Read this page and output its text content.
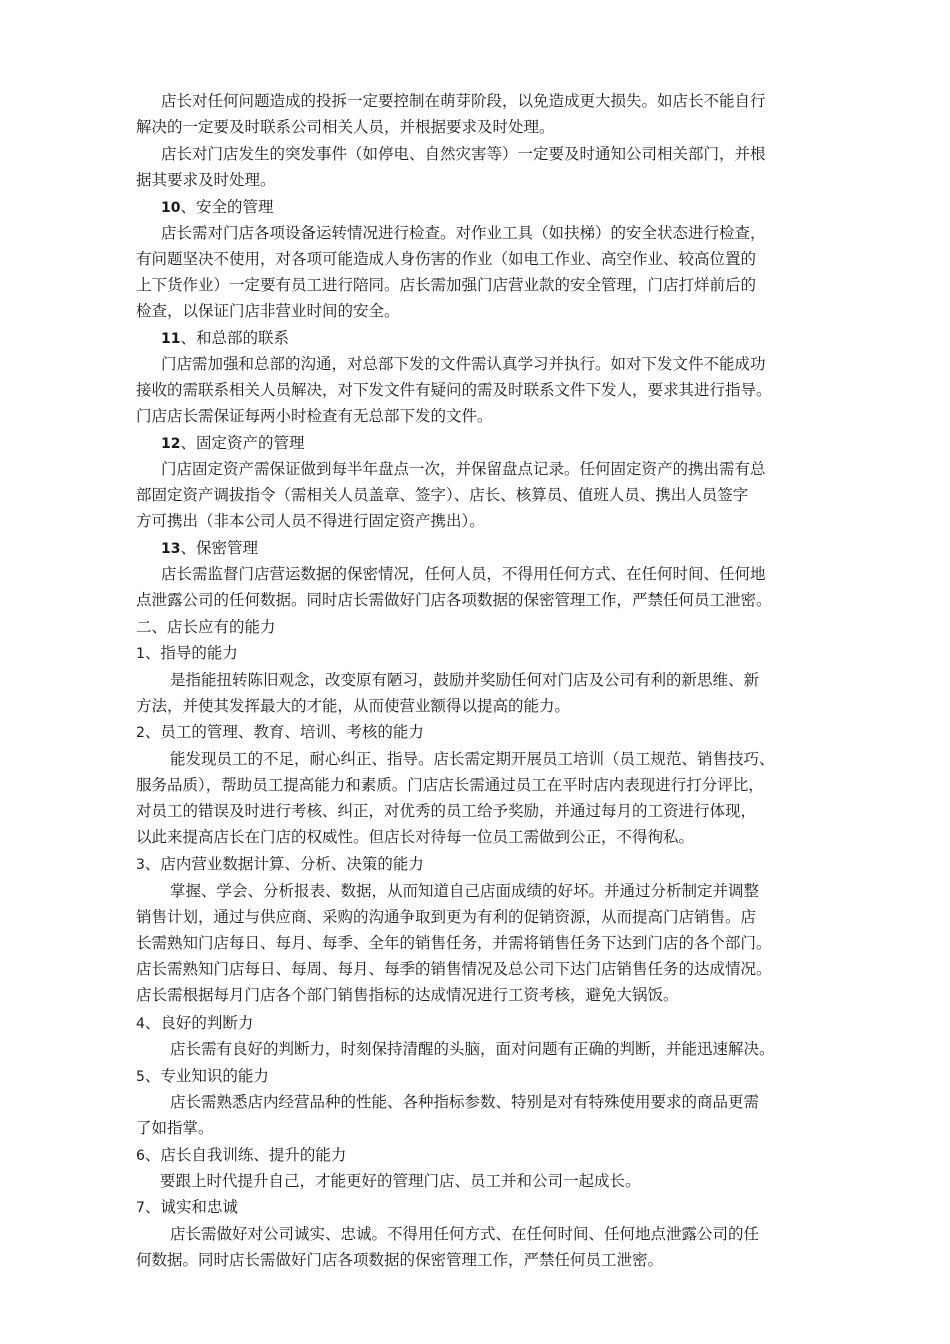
店长对任何问题造成的投拆一定要控制在萌芽阶段，以免造成更大损失。如店长不能自行
解决的一定要及时联系公司相关人员，并根据要求及时处理。
店长对门店发生的突发事件（如停电、自然灾害等）一定要及时通知公司相关部门，并根
据其要求及时处理。
10、安全的管理
店长需对门店各项设备运转情况进行检查。对作业工具（如扶梯）的安全状态进行检查，
有问题坚决不使用，对各项可能造成人身伤害的作业（如电工作业、高空作业、较高位置的
上下货作业）一定要有员工进行陪同。店长需加强门店营业款的安全管理，门店打烊前后的
检查，以保证门店非营业时间的安全。
11、和总部的联系
门店需加强和总部的沟通，对总部下发的文件需认真学习并执行。如对下发文件不能成功
接收的需联系相关人员解决，对下发文件有疑问的需及时联系文件下发人，要求其进行指导。
门店店长需保证每两小时检查有无总部下发的文件。
12、固定资产的管理
门店固定资产需保证做到每半年盘点一次，并保留盘点记录。任何固定资产的携出需有总
部固定资产调拔指令（需相关人员盖章、签字）、店长、核算员、值班人员、携出人员签字
方可携出（非本公司人员不得进行固定资产携出）。
13、保密管理
店长需监督门店营运数据的保密情况，任何人员，不得用任何方式、在任何时间、任何地
点泄露公司的任何数据。同时店长需做好门店各项数据的保密管理工作，严禁任何员工泄密。
二、店长应有的能力
1、指导的能力
是指能扭转陈旧观念，改变原有陋习，鼓励并奖励任何对门店及公司有利的新思维、新
方法，并使其发挥最大的才能，从而使营业额得以提高的能力。
2、员工的管理、教育、培训、考核的能力
能发现员工的不足，耐心纠正、指导。店长需定期开展员工培训（员工规范、销售技巧、
服务品质），帮助员工提高能力和素质。门店店长需通过员工在平时店内表现进行打分评比，
对员工的错误及时进行考核、纠正，对优秀的员工给予奖励，并通过每月的工资进行体现，
以此来提高店长在门店的权威性。但店长对待每一位员工需做到公正，不得徇私。
3、店内营业数据计算、分析、决策的能力
掌握、学会、分析报表、数据，从而知道自己店面成绩的好坏。并通过分析制定并调整
销售计划，通过与供应商、采购的沟通争取到更为有利的促销资源，从而提高门店销售。店
长需熟知门店每日、每月、每季、全年的销售任务，并需将销售任务下达到门店的各个部门。
店长需熟知门店每日、每周、每月、每季的销售情况及总公司下达门店销售任务的达成情况。
店长需根据每月门店各个部门销售指标的达成情况进行工资考核，避免大锅饭。
4、良好的判断力
店长需有良好的判断力，时刻保持清醒的头脑，面对问题有正确的判断，并能迅速解决。
5、专业知识的能力
店长需熟悉店内经营品种的性能、各种指标参数、特别是对有特殊使用要求的商品更需
了如指掌。
6、店长自我训练、提升的能力
要跟上时代提升自己，才能更好的管理门店、员工并和公司一起成长。
7、诚实和忠诚
店长需做好对公司诚实、忠诚。不得用任何方式、在任何时间、任何地点泄露公司的任
何数据。同时店长需做好门店各项数据的保密管理工作，严禁任何员工泄密。
